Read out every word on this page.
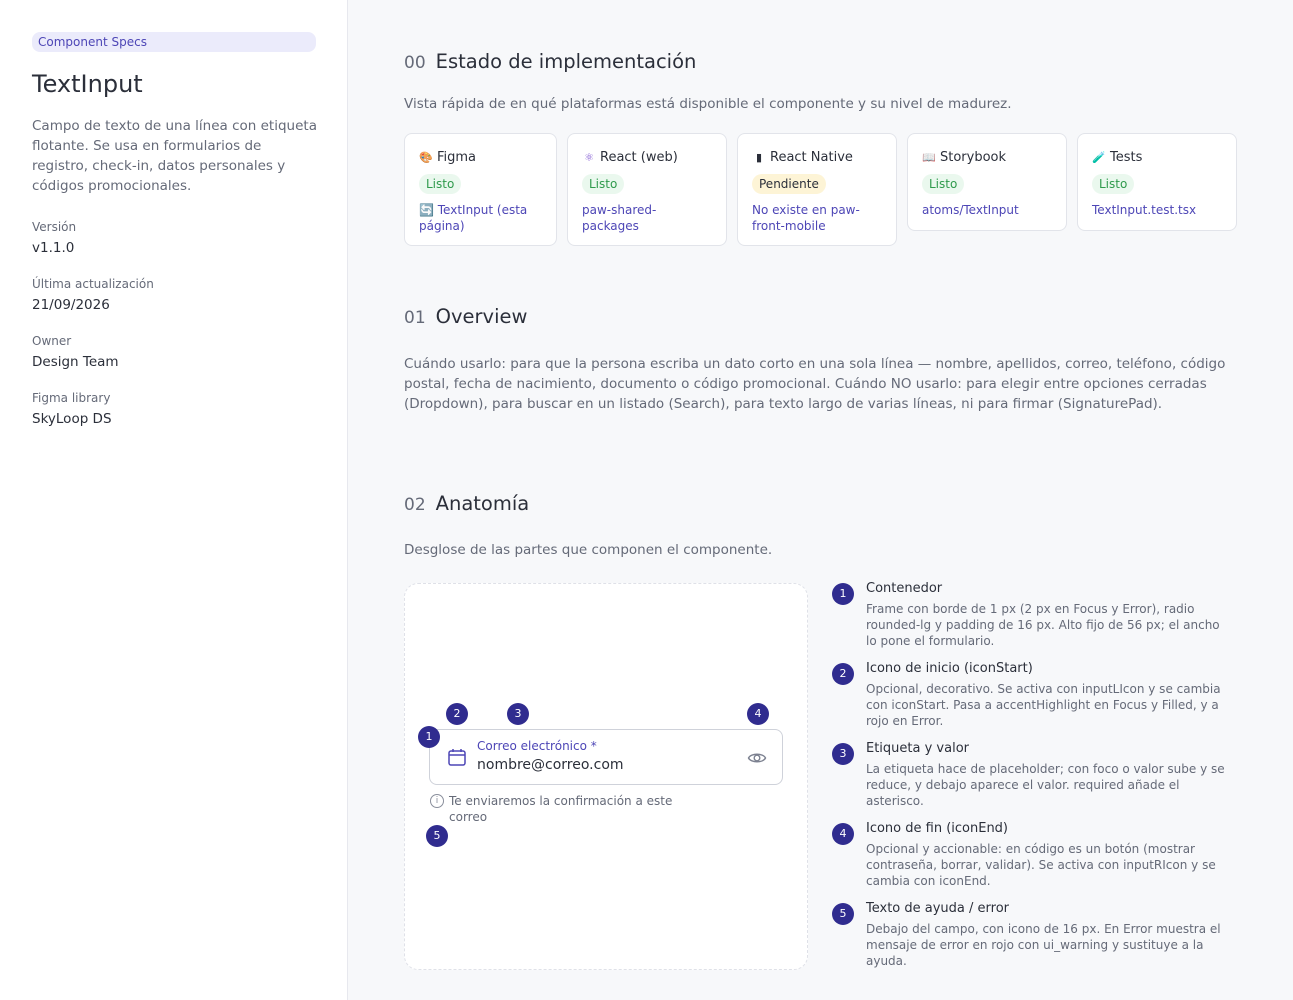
Component Specs
TextInput

Campo de texto de una línea con etiqueta flotante. Se usa en formularios de registro, check-in, datos personales y códigos promocionales.

Versión
v1.1.0
Última actualización
21/09/2026
Owner
Design Team
Figma library
SkyLoop DS
00 Estado de implementación
Vista rápida de en qué plataformas está disponible el componente y su nivel de madurez.
🎨 Figma
Listo
🔄 TextInput (esta página)
⚛ React (web)
Listo
paw-shared-packages
▮ React Native
Pendiente
No existe en paw-front-mobile
📖 Storybook
Listo
atoms/TextInput
🧪 Tests
Listo
TextInput.test.tsx
01 Overview

Cuándo usarlo: para que la persona escriba un dato corto en una sola línea — nombre, apellidos, correo, teléfono, código postal, fecha de nacimiento, documento o código promocional. Cuándo NO usarlo: para elegir entre opciones cerradas (Dropdown), para buscar en un listado (Search), para texto largo de varias líneas, ni para firmar (SignaturePad).

02 Anatomía
Desglose de las partes que componen el componente.
2	3	4
Correo electrónico *
nombre@correo.com
1
i Te enviaremos la confirmación a este correo
5
1	Contenedor
Frame con borde de 1 px (2 px en Focus y Error), radio rounded-lg y padding de 16 px. Alto fijo de 56 px; el ancho lo pone el formulario.
2	Icono de inicio (iconStart)
Opcional, decorativo. Se activa con inputLIcon y se cambia con iconStart. Pasa a accentHighlight en Focus y Filled, y a rojo en Error.
3	Etiqueta y valor
La etiqueta hace de placeholder; con foco o valor sube y se reduce, y debajo aparece el valor. required añade el asterisco.
4	Icono de fin (iconEnd)
Opcional y accionable: en código es un botón (mostrar contraseña, borrar, validar). Se activa con inputRIcon y se cambia con iconEnd.
5	Texto de ayuda / error
Debajo del campo, con icono de 16 px. En Error muestra el mensaje de error en rojo con ui_warning y sustituye a la ayuda.
